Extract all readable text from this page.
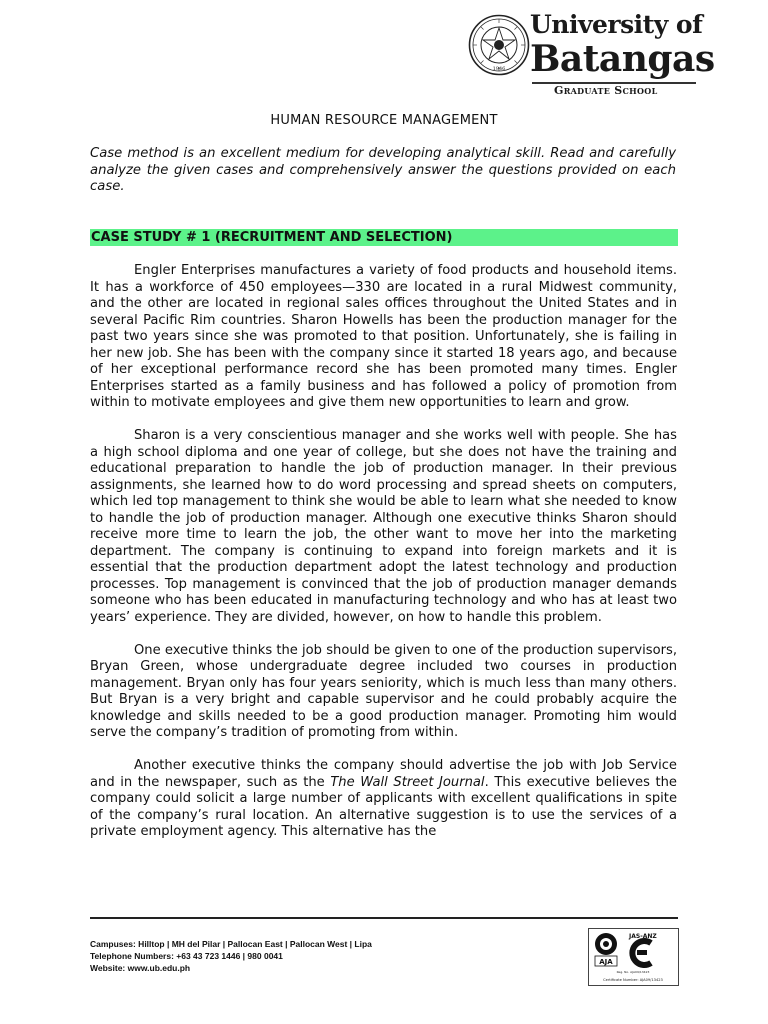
1946
University of
Batangas
Graduate School
HUMAN RESOURCE MANAGEMENT
Case method is an excellent medium for developing analytical skill. Read and carefully analyze the given cases and comprehensively answer the questions provided on each case.
CASE STUDY # 1 (RECRUITMENT AND SELECTION)

Engler Enterprises manufactures a variety of food products and household items. It has a workforce of 450 employees—330 are located in a rural Midwest community, and the other are located in regional sales offices throughout the United States and in several Pacific Rim countries. Sharon Howells has been the production manager for the past two years since she was promoted to that position. Unfortunately, she is failing in her new job. She has been with the company since it started 18 years ago, and because of her exceptional performance record she has been promoted many times. Engler Enterprises started as a family business and has followed a policy of promotion from within to motivate employees and give them new opportunities to learn and grow.

Sharon is a very conscientious manager and she works well with people. She has a high school diploma and one year of college, but she does not have the training and educational preparation to handle the job of production manager. In their previous assignments, she learned how to do word processing and spread sheets on computers, which led top management to think she would be able to learn what she needed to know to handle the job of production manager. Although one executive thinks Sharon should receive more time to learn the job, the other want to move her into the marketing department. The company is continuing to expand into foreign markets and it is essential that the production department adopt the latest technology and production processes. Top management is convinced that the job of production manager demands someone who has been educated in manufacturing technology and who has at least two years’ experience. They are divided, however, on how to handle this problem.

One executive thinks the job should be given to one of the production supervisors, Bryan Green, whose undergraduate degree included two courses in production management. Bryan only has four years seniority, which is much less than many others. But Bryan is a very bright and capable supervisor and he could probably acquire the knowledge and skills needed to be a good production manager. Promoting him would serve the company’s tradition of promoting from within.

Another executive thinks the company should advertise the job with Job Service and in the newspaper, such as the The Wall Street Journal. This executive believes the company could solicit a large number of applicants with excellent qualifications in spite of the company’s rural location. An alternative suggestion is to use the services of a private employment agency. This alternative has the

Campuses: Hilltop | MH del Pilar | Pallocan East | Pallocan West | Lipa
Telephone Numbers: +63 43 723 1446 | 980 0041
Website: www.ub.edu.ph
AJA
JAS-ANZ
Reg. No. AJA09/13423
Certificate Number: AJA09/13423
